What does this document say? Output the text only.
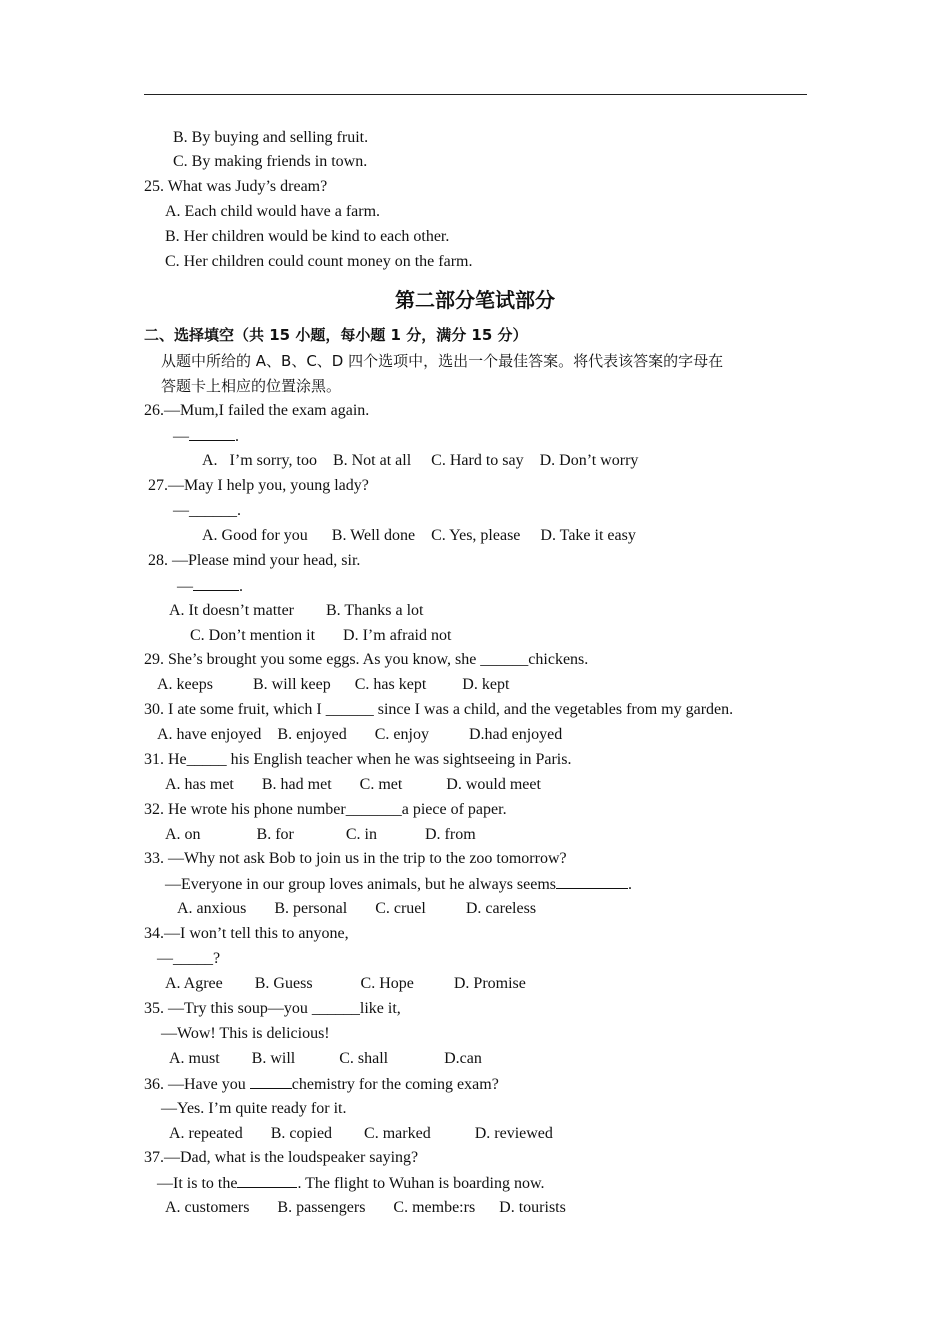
B. By buying and selling fruit.
C. By making friends in town.
25. What was Judy’s dream?
A. Each child would have a farm.
B. Her children would be kind to each other.
C. Her children could count money on the farm.
第二部分笔试部分
二、选择填空（共 15 小题，每小题 1 分，满分 15 分）
从题中所给的 A、B、C、D 四个选项中，选出一个最佳答案。将代表该答案的字母在
答题卡上相应的位置涂黑。
26.—Mum,I failed the exam again.
—	.
A.   I’m sorry, too    B. Not at all     C. Hard to say    D. Don’t worry
27.—May I help you, young lady?
—______.
A. Good for you      B. Well done    C. Yes, please     D. Take it easy
28. —Please mind your head, sir.
—	.
A. It doesn’t matter        B. Thanks a lot
C. Don’t mention it       D. I’m afraid not
29. She’s brought you some eggs. As you know, she ______chickens.
A. keeps          B. will keep      C. has kept         D. kept
30. I ate some fruit, which I ______ since I was a child, and the vegetables from my garden.
A. have enjoyed    B. enjoyed       C. enjoy          D.had enjoyed
31. He_____ his English teacher when he was sightseeing in Paris.
A. has met       B. had met       C. met           D. would meet
32. He wrote his phone number_______a piece of paper.
A. on              B. for             C. in            D. from
33. —Why not ask Bob to join us in the trip to the zoo tomorrow?
—Everyone in our group loves animals, but he always seems	.
A. anxious       B. personal       C. cruel          D. careless
34.—I won’t tell this to anyone,
—_____?
A. Agree        B. Guess            C. Hope          D. Promise
35. —Try this soup—you ______like it,
—Wow! This is delicious!
A. must        B. will           C. shall              D.can
36. —Have you	chemistry for the coming exam?
—Yes. I’m quite ready for it.
A. repeated       B. copied        C. marked           D. reviewed
37.—Dad, what is the loudspeaker saying?
—It is to the	. The flight to Wuhan is boarding now.
A. customers       B. passengers       C. membe:rs      D. tourists
